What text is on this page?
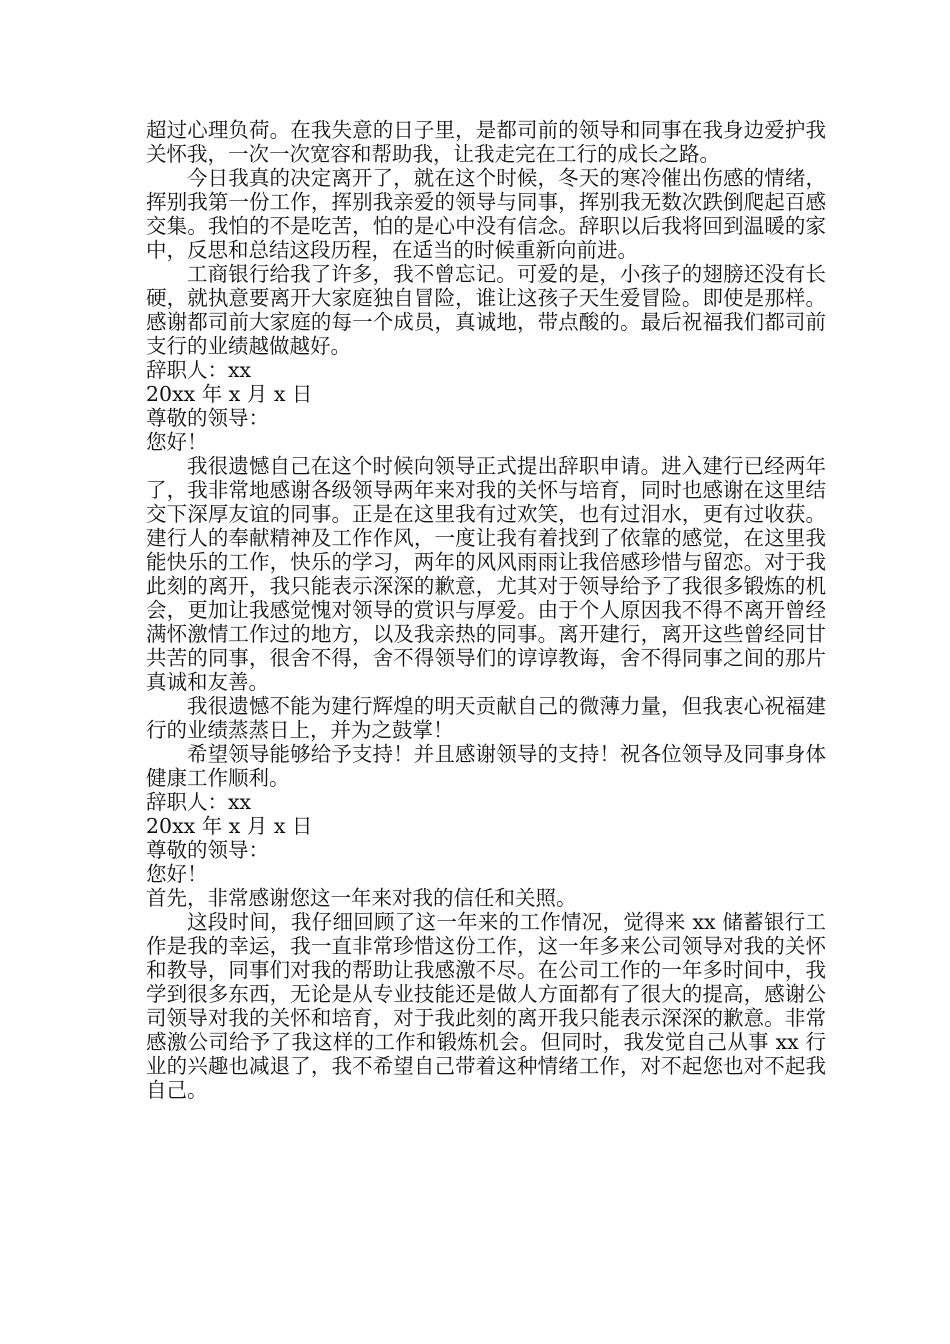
超过心理负荷。在我失意的日子里，是都司前的领导和同事在我身边爱护我关怀我，一次一次宽容和帮助我，让我走完在工行的成长之路。

今日我真的决定离开了，就在这个时候，冬天的寒冷催出伤感的情绪，挥别我第一份工作，挥别我亲爱的领导与同事，挥别我无数次跌倒爬起百感交集。我怕的不是吃苦，怕的是心中没有信念。辞职以后我将回到温暖的家中，反思和总结这段历程，在适当的时候重新向前进。

工商银行给我了许多，我不曾忘记。可爱的是，小孩子的翅膀还没有长硬，就执意要离开大家庭独自冒险，谁让这孩子天生爱冒险。即使是那样。感谢都司前大家庭的每一个成员，真诚地，带点酸的。最后祝福我们都司前支行的业绩越做越好。

辞职人：xx

20xx 年 x 月 x 日

尊敬的领导：

您好！

我很遗憾自己在这个时候向领导正式提出辞职申请。进入建行已经两年了，我非常地感谢各级领导两年来对我的关怀与培育，同时也感谢在这里结交下深厚友谊的同事。正是在这里我有过欢笑，也有过泪水，更有过收获。建行人的奉献精神及工作作风，一度让我有着找到了依靠的感觉，在这里我能快乐的工作，快乐的学习，两年的风风雨雨让我倍感珍惜与留恋。对于我此刻的离开，我只能表示深深的歉意，尤其对于领导给予了我很多锻炼的机会，更加让我感觉愧对领导的赏识与厚爱。由于个人原因我不得不离开曾经满怀激情工作过的地方，以及我亲热的同事。离开建行，离开这些曾经同甘共苦的同事，很舍不得，舍不得领导们的谆谆教诲，舍不得同事之间的那片真诚和友善。

我很遗憾不能为建行辉煌的明天贡献自己的微薄力量，但我衷心祝福建行的业绩蒸蒸日上，并为之鼓掌！

希望领导能够给予支持！并且感谢领导的支持！祝各位领导及同事身体健康工作顺利。

辞职人：xx

20xx 年 x 月 x 日

尊敬的领导：

您好！

首先，非常感谢您这一年来对我的信任和关照。

这段时间，我仔细回顾了这一年来的工作情况，觉得来 xx 储蓄银行工作是我的幸运，我一直非常珍惜这份工作，这一年多来公司领导对我的关怀和教导，同事们对我的帮助让我感激不尽。在公司工作的一年多时间中，我学到很多东西，无论是从专业技能还是做人方面都有了很大的提高，感谢公司领导对我的关怀和培育，对于我此刻的离开我只能表示深深的歉意。非常感激公司给予了我这样的工作和锻炼机会。但同时，我发觉自己从事 xx 行业的兴趣也减退了，我不希望自己带着这种情绪工作，对不起您也对不起我自己。
